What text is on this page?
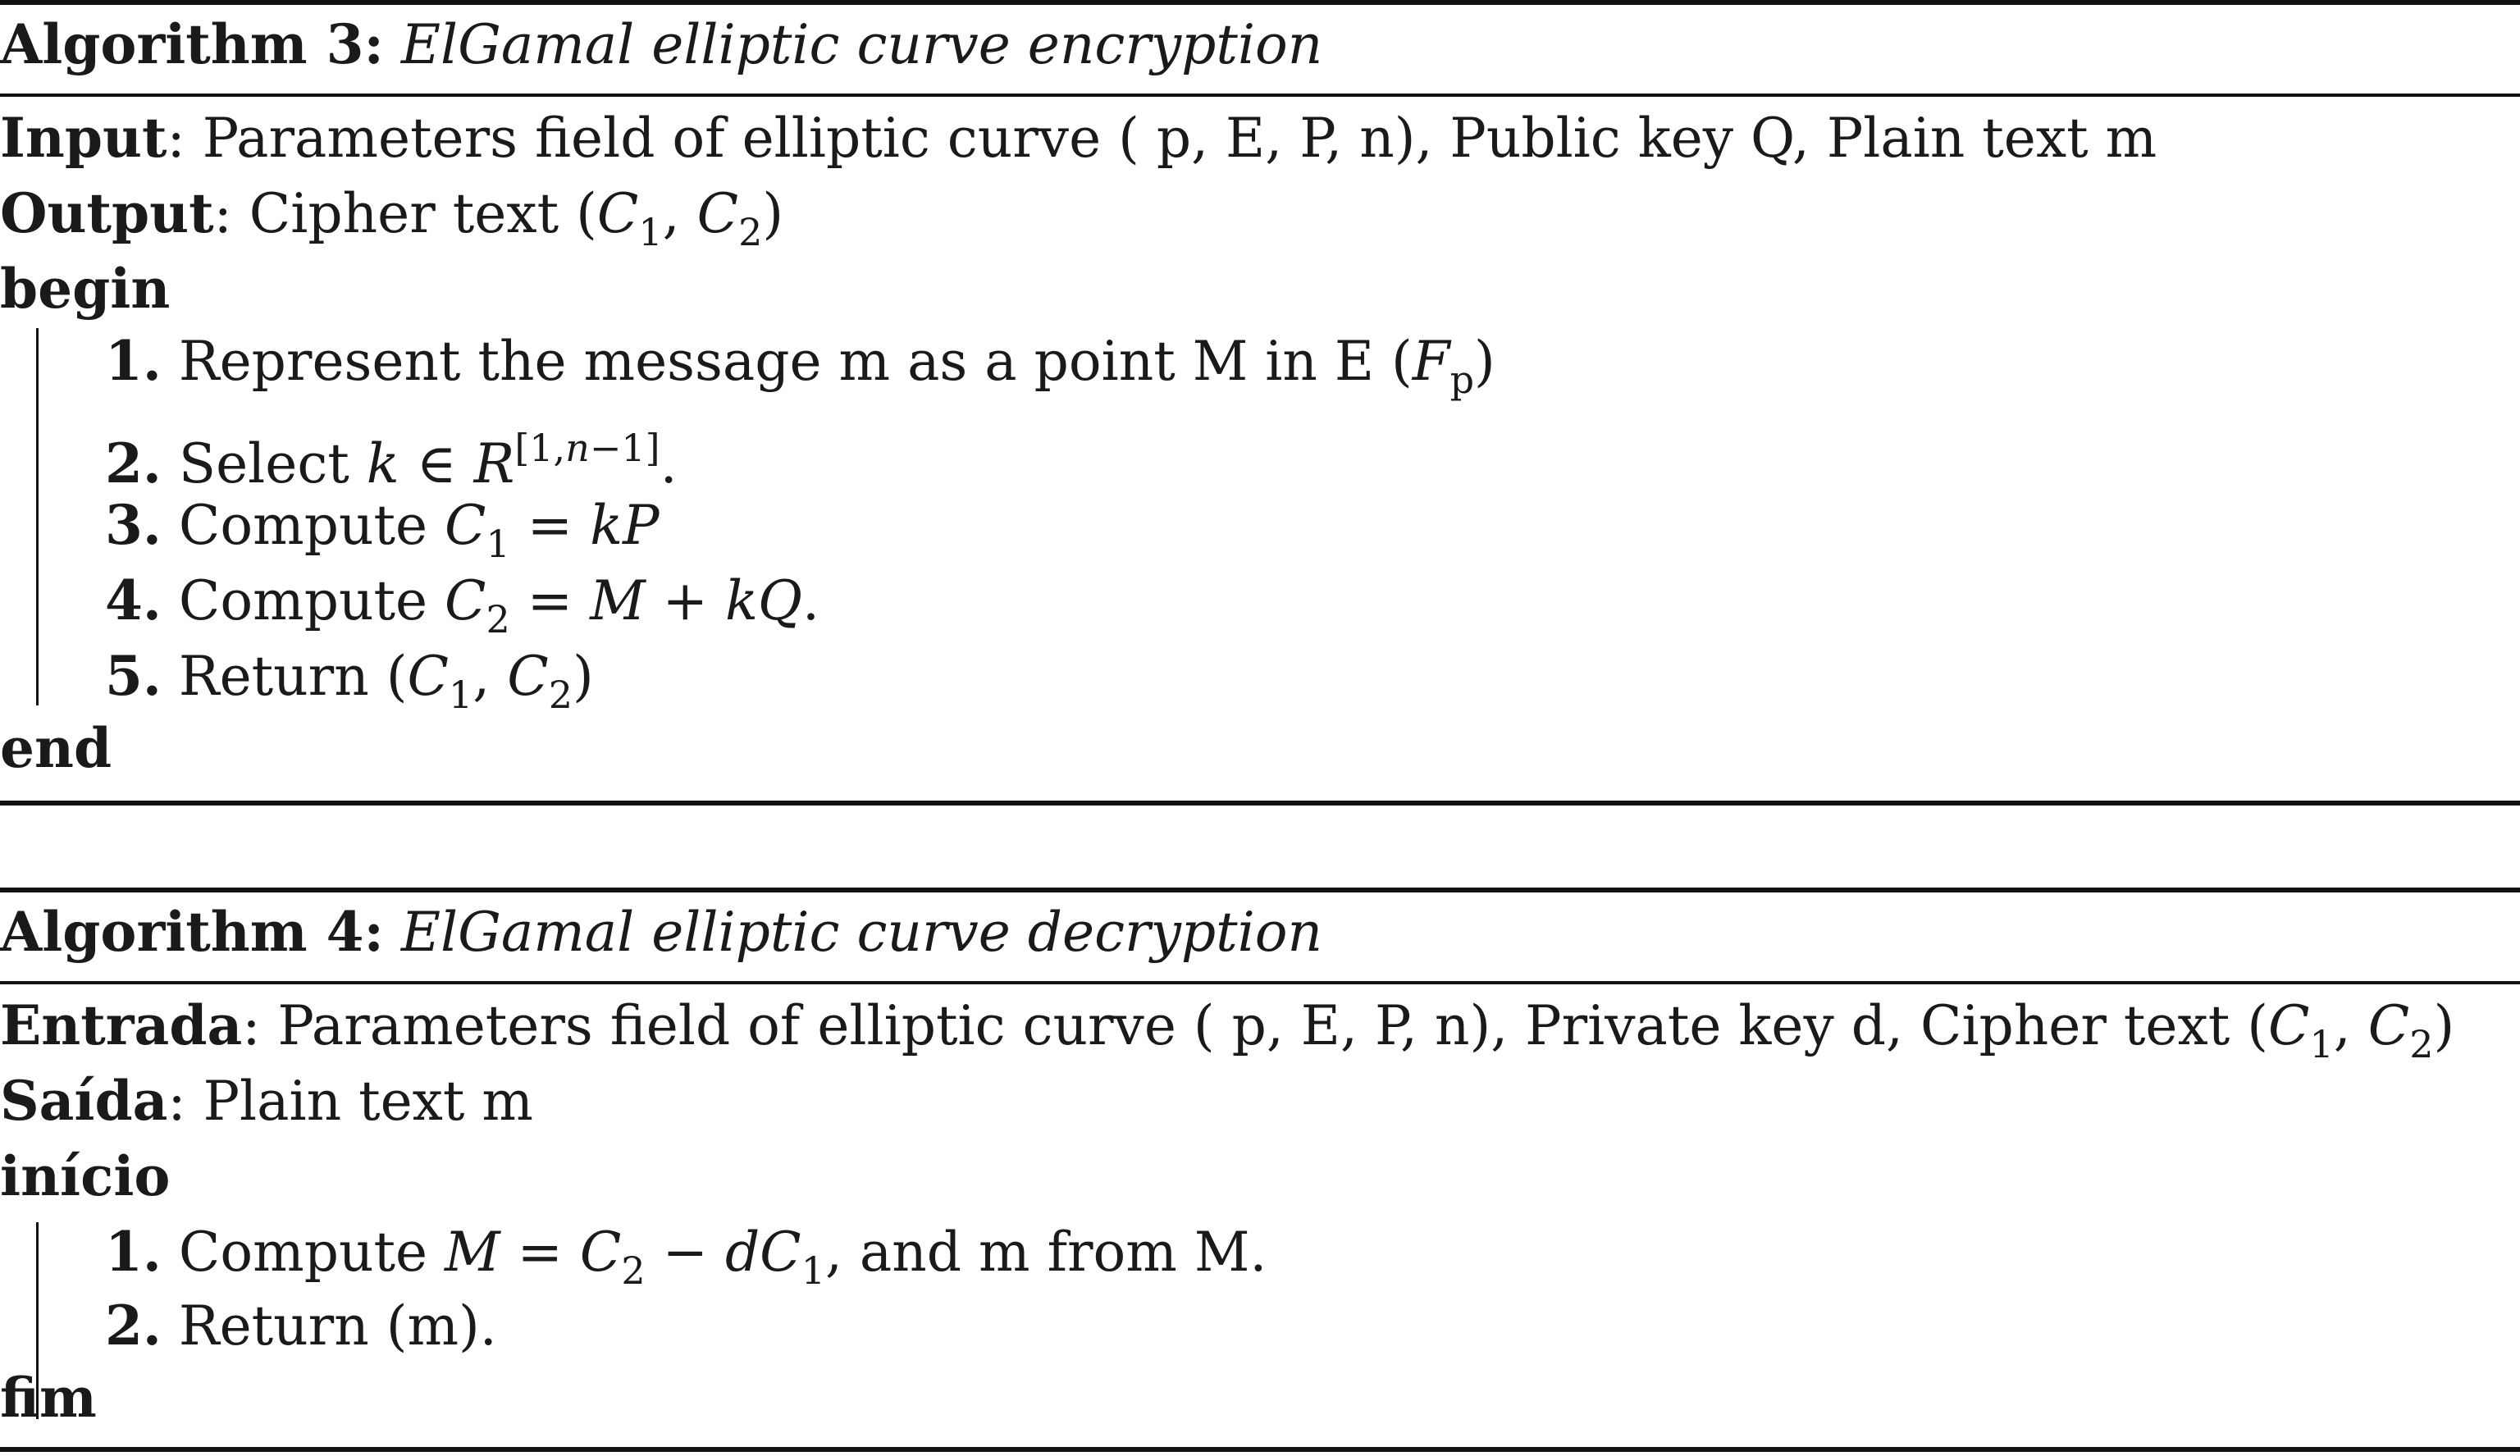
Algorithm 3: ElGamal elliptic curve encryption
Input: Parameters field of elliptic curve ( p, E, P, n), Public key Q, Plain text m
Output: Cipher text ($C_1$, $C_2$)
begin
1. Represent the message m as a point M in E $(F_p)$
2. Select k ∈ R[1,n−1].
3. Compute $C_1$ = kP
4. Compute $C_2 = M$ + kQ.
5. Return ($C_1$, $C_2$)
end
Algorithm 4: ElGamal elliptic curve decryption
Entrada: Parameters field of elliptic curve ( p, E, P, n), Private key d, Cipher text ($C_1$, $C_2$)
Saída: Plain text m
início
1. Compute $M = C_2 - dC_1$, and m from M.
2. Return (m).
fim
